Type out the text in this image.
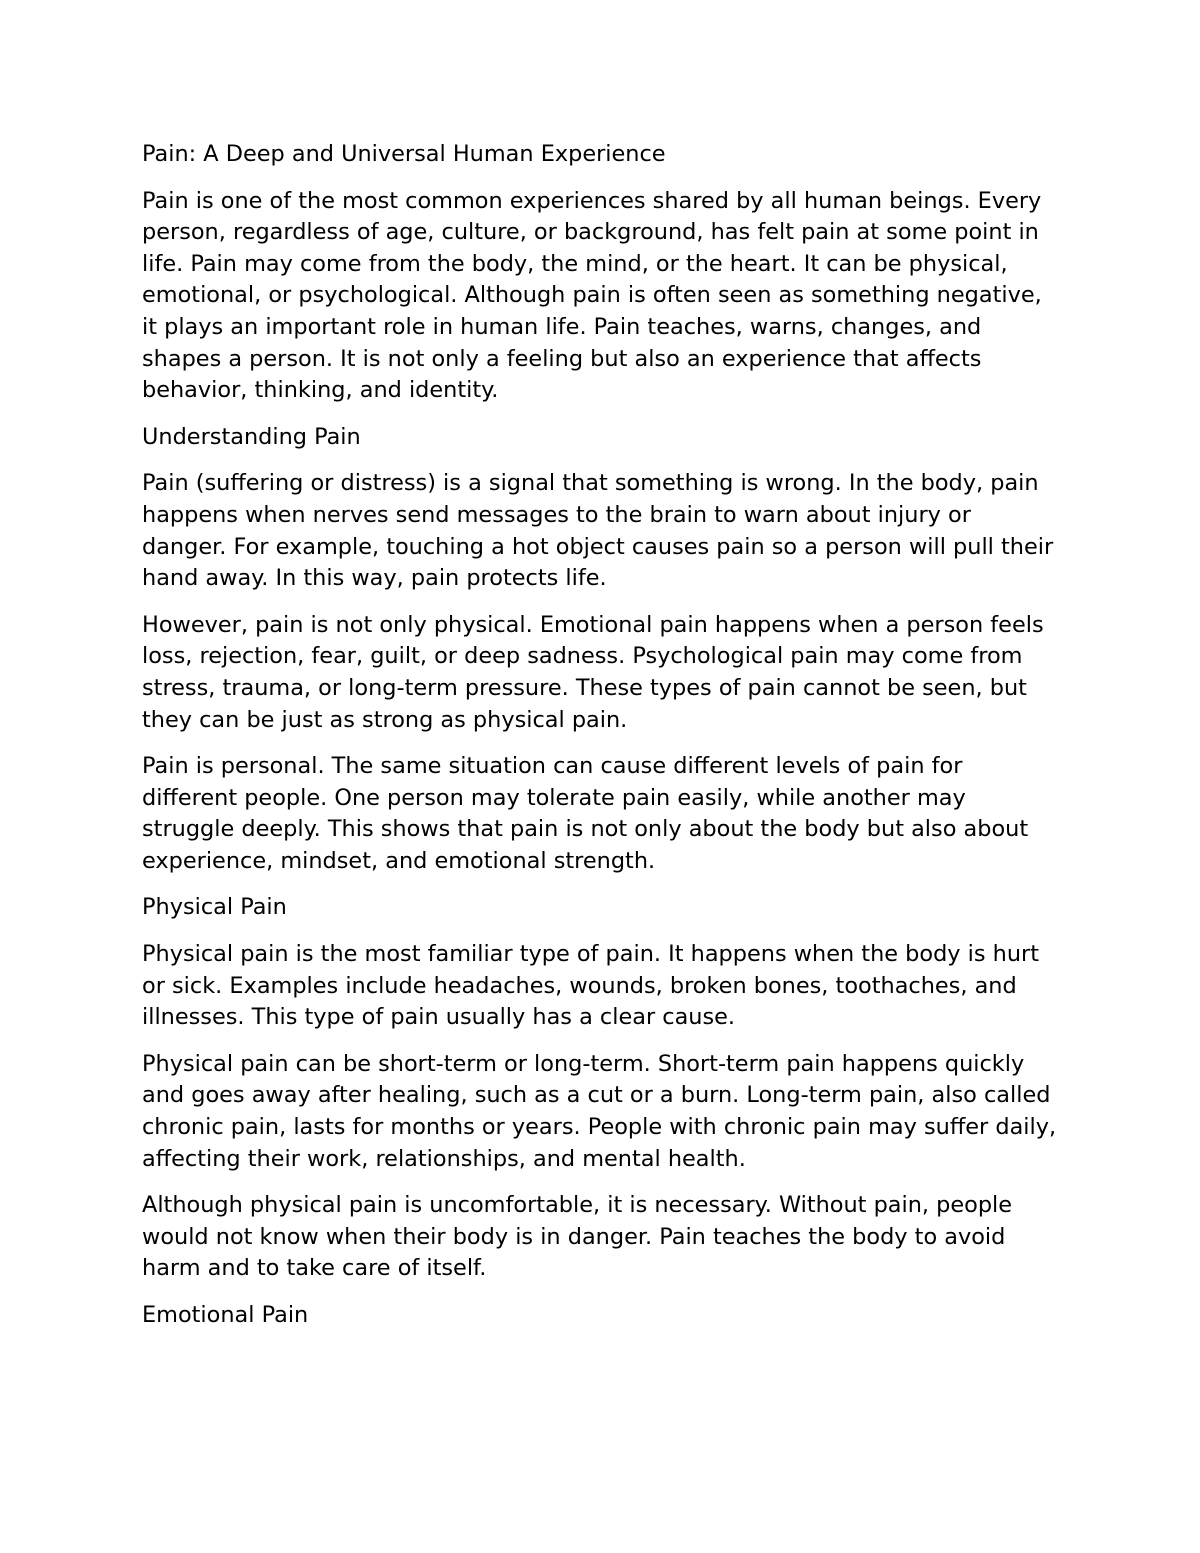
Pain: A Deep and Universal Human Experience

Pain is one of the most common experiences shared by all human beings. Every person, regardless of age, culture, or background, has felt pain at some point in life. Pain may come from the body, the mind, or the heart. It can be physical, emotional, or psychological. Although pain is often seen as something negative, it plays an important role in human life. Pain teaches, warns, changes, and shapes a person. It is not only a feeling but also an experience that affects behavior, thinking, and identity.

Understanding Pain

Pain (suffering or distress) is a signal that something is wrong. In the body, pain happens when nerves send messages to the brain to warn about injury or danger. For example, touching a hot object causes pain so a person will pull their hand away. In this way, pain protects life.

However, pain is not only physical. Emotional pain happens when a person feels loss, rejection, fear, guilt, or deep sadness. Psychological pain may come from stress, trauma, or long-term pressure. These types of pain cannot be seen, but they can be just as strong as physical pain.

Pain is personal. The same situation can cause different levels of pain for different people. One person may tolerate pain easily, while another may struggle deeply. This shows that pain is not only about the body but also about experience, mindset, and emotional strength.

Physical Pain

Physical pain is the most familiar type of pain. It happens when the body is hurt or sick. Examples include headaches, wounds, broken bones, toothaches, and illnesses. This type of pain usually has a clear cause.

Physical pain can be short-term or long-term. Short-term pain happens quickly and goes away after healing, such as a cut or a burn. Long-term pain, also called chronic pain, lasts for months or years. People with chronic pain may suffer daily, affecting their work, relationships, and mental health.

Although physical pain is uncomfortable, it is necessary. Without pain, people would not know when their body is in danger. Pain teaches the body to avoid harm and to take care of itself.

Emotional Pain
